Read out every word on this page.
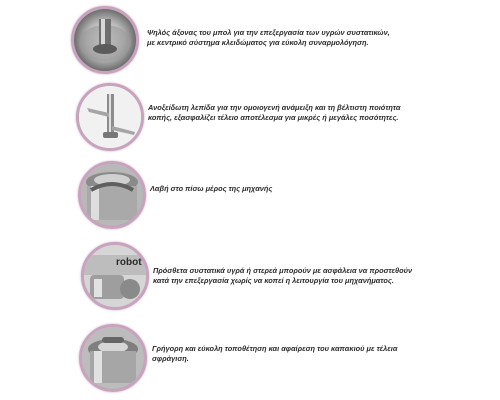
Ψηλός άξονας του μπολ για την επεξεργασία των υγρών συστατικών,
με κεντρικό σύστημα κλειδώματος για εύκολη συναρμολόγηση.
Ανοξείδωτη λεπίδα για την ομοιογενή ανάμειξη και τη βέλτιστη ποιότητα
κοπής, εξασφαλίζει τέλειο αποτέλεσμα για μικρές ή μεγάλες ποσότητες.
Λαβή στο πίσω μέρος της μηχανής
robot
Πρόσθετα συστατικά υγρά ή στερεά μπορούν με ασφάλεια να προστεθούν
κατά την επεξεργασία χωρίς να κοπεί η λειτουργία του μηχανήματος.
Γρήγορη και εύκολη τοποθέτηση και αφαίρεση του καπακιού με τέλεια
σφράγιση.
